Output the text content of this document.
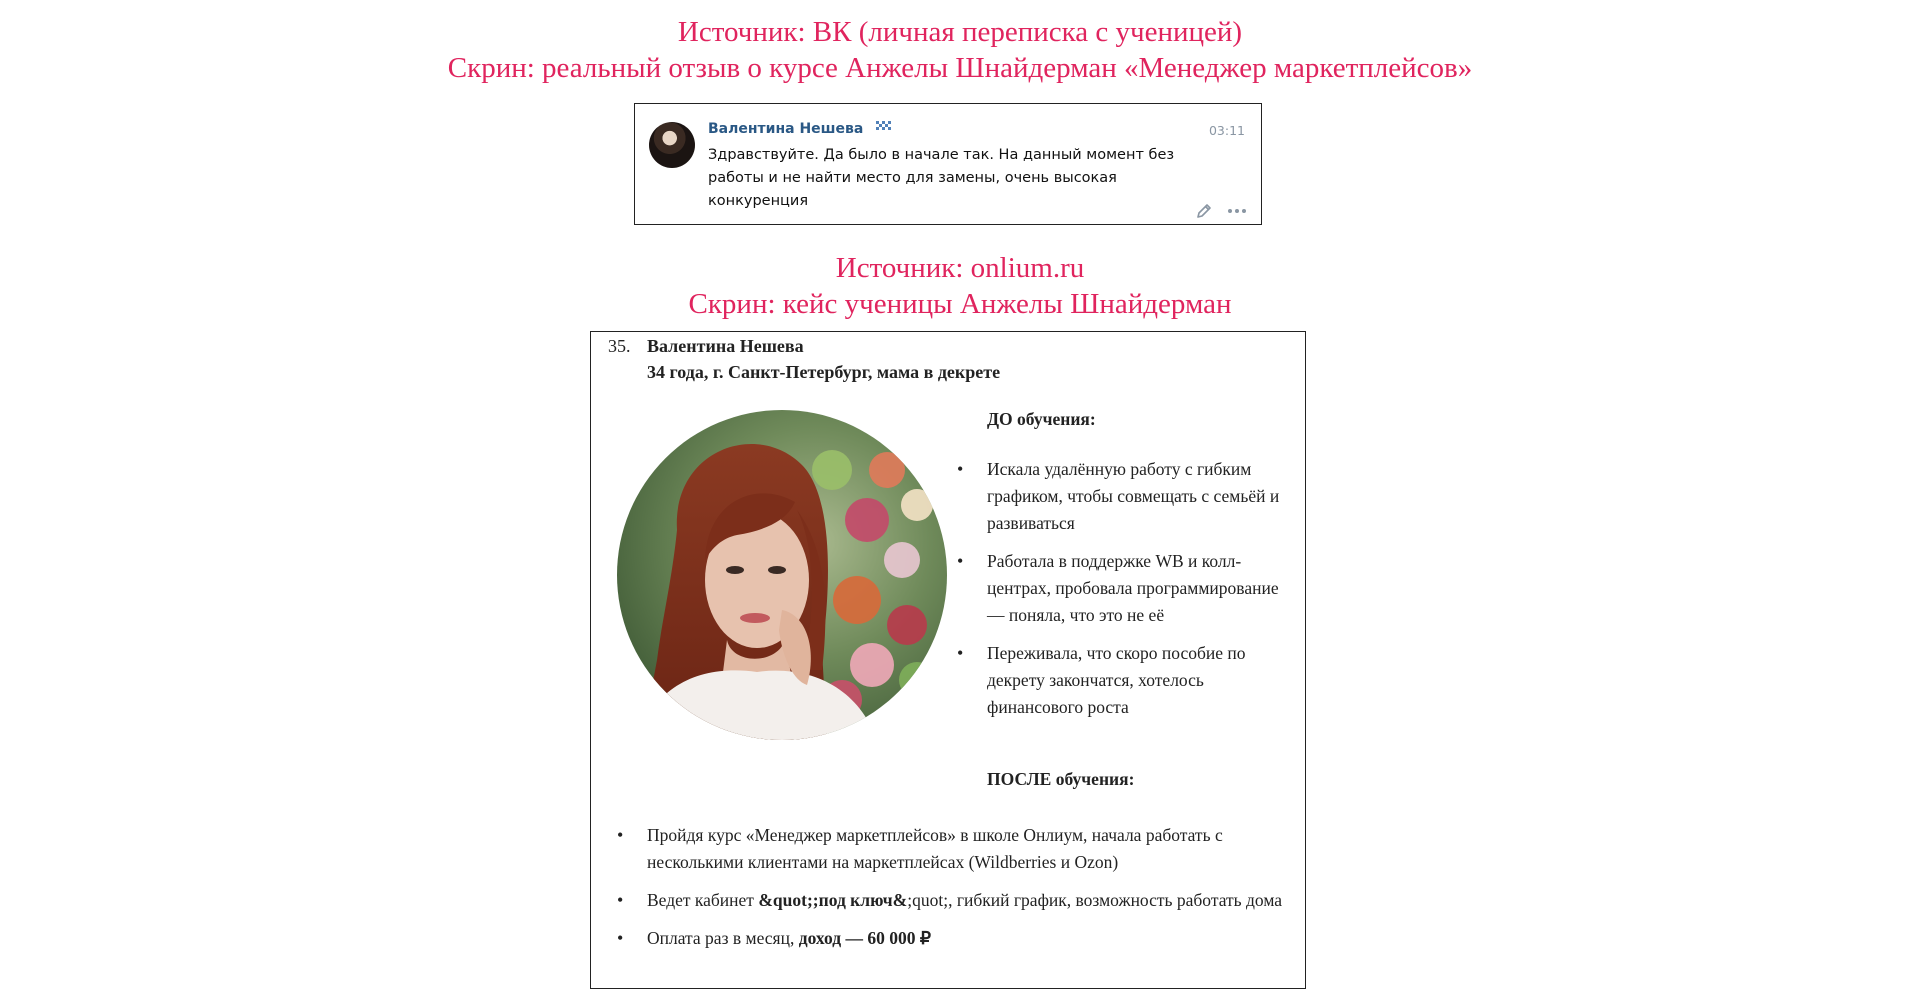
Источник: ВК (личная переписка с ученицей)
Скрин: реальный отзыв о курсе Анжелы Шнайдерман «Менеджер маркетплейсов»
Валентина Нешева	03:11
Здравствуйте. Да было в начале так. На данный момент без работы и не найти место для замены, очень высокая конкуренция
Источник: onlium.ru
Скрин: кейс ученицы Анжелы Шнайдерман
35. Валентина Нешева
34 года, г. Санкт-Петербург, мама в декрете

ДО обучения:

• Искала удалённую работу с гибким графиком, чтобы совмещать с семьёй и развиваться
• Работала в поддержке WB и колл-центрах, пробовала программирование — поняла, что это не её
• Переживала, что скоро пособие по декрету закончатся, хотелось финансового роста

ПОСЛЕ обучения:

• Пройдя курс «Менеджер маркетплейсов» в школе Онлиум, начала работать с несколькими клиентами на маркетплейсах (Wildberries и Ozon)
• Ведет кабинет &quot;;под ключ&;quot;, гибкий график, возможность работать дома
• Оплата раз в месяц, доход — 60 000 ₽
